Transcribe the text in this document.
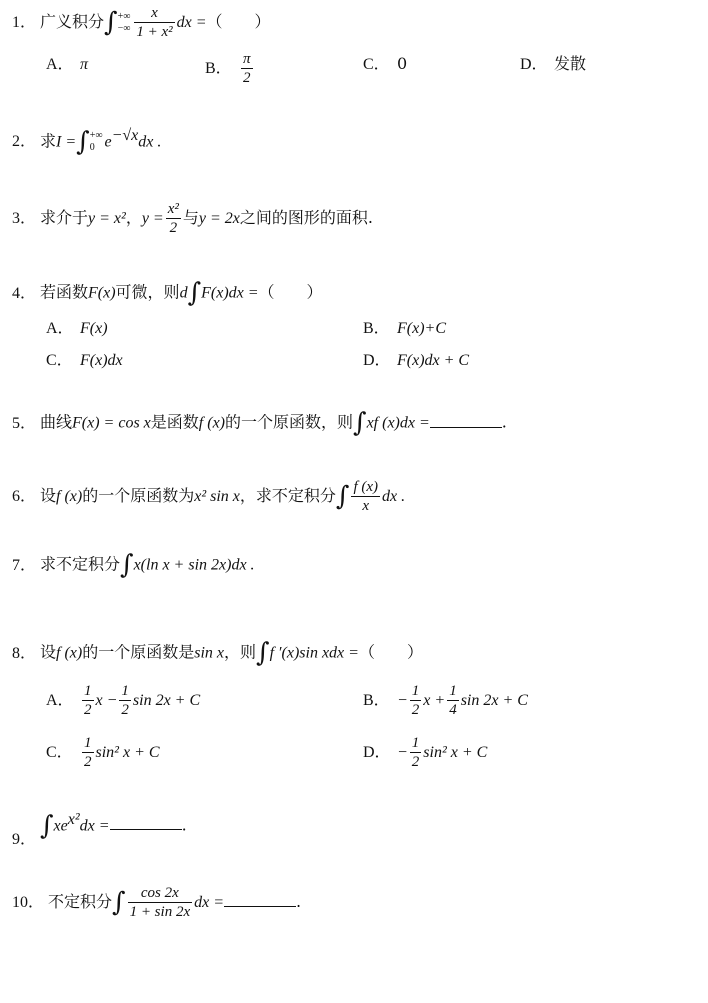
1． 广义积分∫ +∞
−∞ $\frac{x}{\text{1 + x²}}$ dx =（　　）
A． π	B． $\frac{\pi}{2}$	C． 0	D． 发散
2． 求I =∫ +∞
0 $e^{-√x}dx$ .
3． 求介于y = x²，$y = \frac{\text{x²}}{2}$ 与y = 2x之间的图形的面积.
4． 若函数F(x)可微，则d∫F(x)dx =（　　）
A． F(x)	B． F(x)+C
C． F(x)dx	D． F(x)dx + C
5． 曲线F(x) = cos x是函数f (x)的一个原函数，则∫xf (x)dx =	.
6． 设f (x)的一个原函数为x² sin x，求不定积分∫ $\frac{f (x)}{x}$ dx .
7． 求不定积分∫x(ln x + sin 2x)dx .
8． 设f (x)的一个原函数是sin x，则∫f ′(x)sin xdx =（　　）
A． $\frac{1}{2}$ $x - \frac{1}{2}$ sin 2x + C	B． − $\frac{1}{2}$ $x + \frac{1}{4}$ sin 2x + C
C． $\frac{1}{2} \sin^2$ x + C	D． − $\frac{1}{2} \sin^2$ x + C
9． $\int xe^{x^2}dx$ =	.
10． 不定积分∫ $\frac{\cos 2x}{1 + \sin 2x}$ dx =	.
